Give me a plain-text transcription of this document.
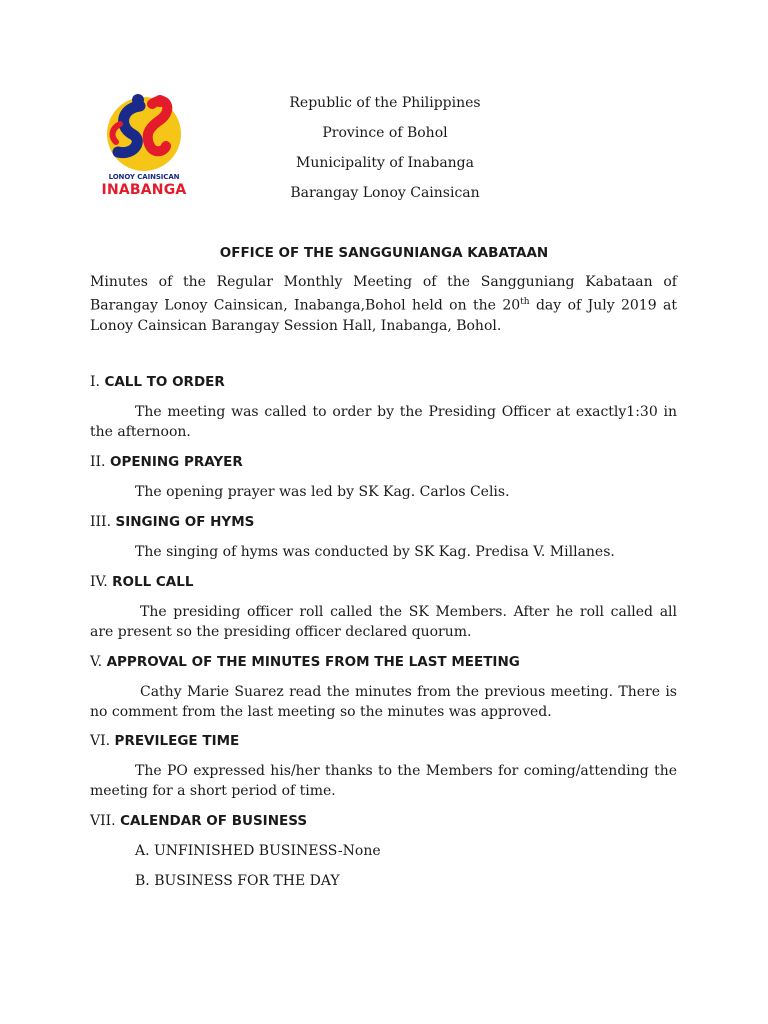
LONOY CAINSICAN
INABANGA
Republic of the Philippines
Province of Bohol
Municipality of Inabanga
Barangay Lonoy Cainsican
OFFICE OF THE SANGGUNIANGA KABATAAN
Minutes of the Regular Monthly Meeting of the Sangguniang Kabataan of Barangay Lonoy Cainsican, Inabanga,Bohol held on the 20th day of July 2019 at Lonoy Cainsican Barangay Session Hall, Inabanga, Bohol.
I. CALL TO ORDER
The meeting was called to order by the Presiding Officer at exactly1:30 in the afternoon.
II. OPENING PRAYER
The opening prayer was led by SK Kag. Carlos Celis.
III. SINGING OF HYMS
The singing of hyms was conducted by SK Kag. Predisa V. Millanes.
IV. ROLL CALL
The presiding officer roll called the SK Members. After he roll called all are present so the presiding officer declared quorum.
V. APPROVAL OF THE MINUTES FROM THE LAST MEETING
Cathy Marie Suarez read the minutes from the previous meeting. There is no comment from the last meeting so the minutes was approved.
VI. PREVILEGE TIME
The PO expressed his/her thanks to the Members for coming/attending the meeting for a short period of time.
VII. CALENDAR OF BUSINESS
A. UNFINISHED BUSINESS-None
B. BUSINESS FOR THE DAY
